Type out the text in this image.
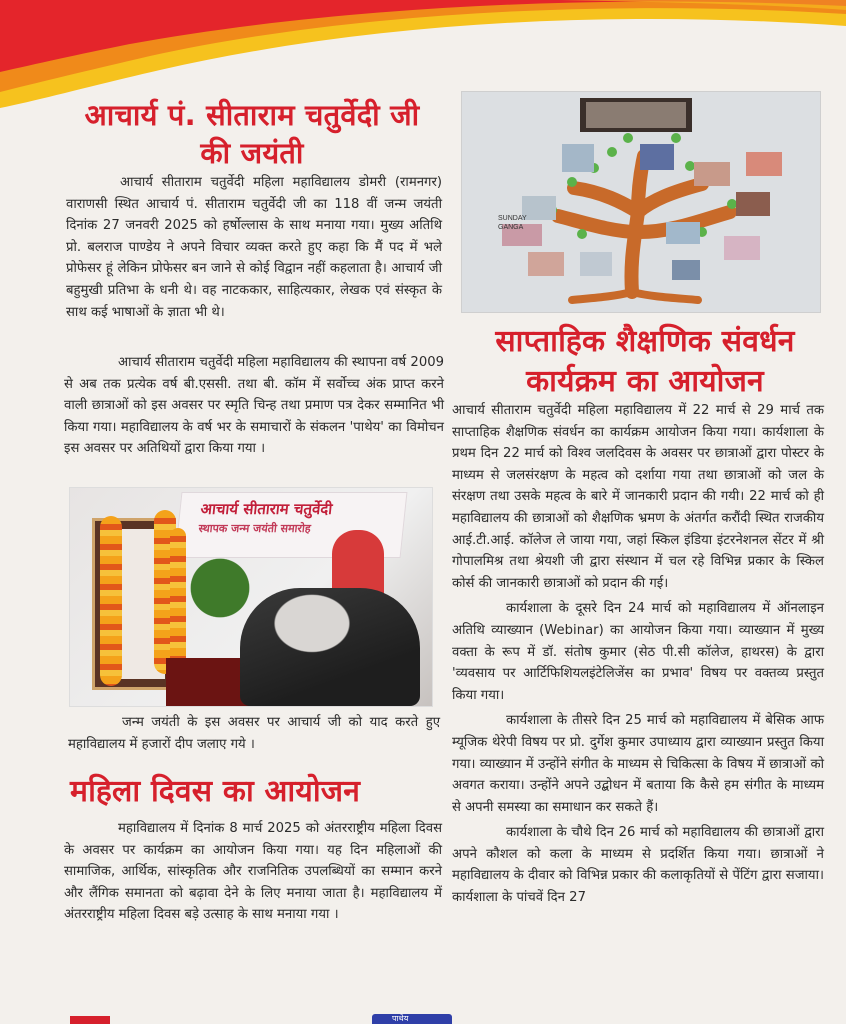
आचार्य पं. सीताराम चतुर्वेदी जी की जयंती

आचार्य सीताराम चतुर्वेदी महिला महाविद्यालय डोमरी (रामनगर) वाराणसी स्थित आचार्य पं. सीताराम चतुर्वेदी जी का 118 वीं जन्म जयंती दिनांक 27 जनवरी 2025 को हर्षोल्लास के साथ मनाया गया। मुख्य अतिथि प्रो. बलराज पाण्डेय ने अपने विचार व्यक्त करते हुए कहा कि मैं पद में भले प्रोफेसर हूं लेकिन प्रोफेसर बन जाने से कोई विद्वान नहीं कहलाता है। आचार्य जी बहुमुखी प्रतिभा के धनी थे। वह नाटककार, साहित्यकार, लेखक एवं संस्कृत के साथ कई भाषाओं के ज्ञाता भी थे।

आचार्य सीताराम चतुर्वेदी महिला महाविद्यालय की स्थापना वर्ष 2009 से अब तक प्रत्येक वर्ष बी.एससी. तथा बी. कॉम में सर्वोच्च अंक प्राप्त करने वाली छात्राओं को इस अवसर पर स्मृति चिन्ह तथा प्रमाण पत्र देकर सम्मानित भी किया गया। महाविद्यालय के वर्ष भर के समाचारों के संकलन 'पाथेय' का विमोचन इस अवसर पर अतिथियों द्वारा किया गया ।

आचार्य सीताराम चतुर्वेदी
स्थापक जन्म जयंती समारोह

जन्म जयंती के इस अवसर पर आचार्य जी को याद करते हुए महाविद्यालय में हजारों दीप जलाए गये ।

महिला दिवस का आयोजन

महाविद्यालय में दिनांक 8 मार्च 2025 को अंतरराष्ट्रीय महिला दिवस के अवसर पर कार्यक्रम का आयोजन किया गया। यह दिन महिलाओं की सामाजिक, आर्थिक, सांस्कृतिक और राजनितिक उपलब्धियों का सम्मान करने और लैंगिक समानता को बढ़ावा देने के लिए मनाया जाता है। महाविद्यालय में अंतरराष्ट्रीय महिला दिवस बड़े उत्साह के साथ मनाया गया ।

SUNDAY
GANGA
साप्ताहिक शैक्षणिक संवर्धन
कार्यक्रम का आयोजन

आचार्य सीताराम चतुर्वेदी महिला महाविद्यालय में 22 मार्च से 29 मार्च तक साप्ताहिक शैक्षणिक संवर्धन का कार्यक्रम आयोजन किया गया। कार्यशाला के प्रथम दिन 22 मार्च को विश्व जलदिवस के अवसर पर छात्राओं द्वारा पोस्टर के माध्यम से जलसंरक्षण के महत्व को दर्शाया गया तथा छात्राओं को जल के संरक्षण तथा उसके महत्व के बारे में जानकारी प्रदान की गयी। 22 मार्च को ही महाविद्यालय की छात्राओं को शैक्षणिक भ्रमण के अंतर्गत करौंदी स्थित राजकीय आई.टी.आई. कॉलेज ले जाया गया, जहां स्किल इंडिया इंटरनेशनल सेंटर में श्री गोपालमिश्र तथा श्रेयशी जी द्वारा संस्थान में चल रहे विभिन्न प्रकार के स्किल कोर्स की जानकारी छात्राओं को प्रदान की गई।

कार्यशाला के दूसरे दिन 24 मार्च को महाविद्यालय में ऑनलाइन अतिथि व्याख्यान (Webinar) का आयोजन किया गया। व्याख्यान में मुख्य वक्ता के रूप में डॉ. संतोष कुमार (सेठ पी.सी कॉलेज, हाथरस) के द्वारा 'व्यवसाय पर आर्टिफिशियलइंटेलिजेंस का प्रभाव' विषय पर वक्तव्य प्रस्तुत किया गया।

कार्यशाला के तीसरे दिन 25 मार्च को महाविद्यालय में बेसिक आफ म्यूजिक थेरेपी विषय पर प्रो. दुर्गेश कुमार उपाध्याय द्वारा व्याख्यान प्रस्तुत किया गया। व्याख्यान में उन्होंने संगीत के माध्यम से चिकित्सा के विषय में छात्राओं को अवगत कराया। उन्होंने अपने उद्बोधन में बताया कि कैसे हम संगीत के माध्यम से अपनी समस्या का समाधान कर सकते हैं।

कार्यशाला के चौथे दिन 26 मार्च को महाविद्यालय की छात्राओं द्वारा अपने कौशल को कला के माध्यम से प्रदर्शित किया गया। छात्राओं ने महाविद्यालय के दीवार को विभिन्न प्रकार की कलाकृतियों से पेंटिंग द्वारा सजाया। कार्यशाला के पांचवें दिन 27

पाथेय
